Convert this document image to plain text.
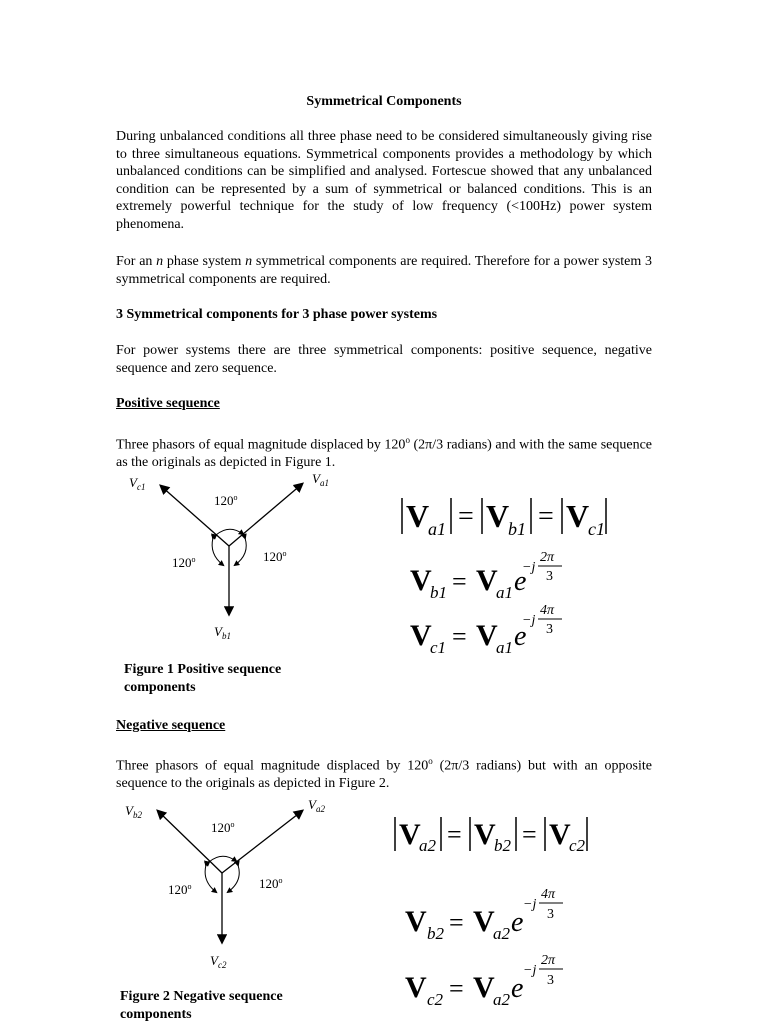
Symmetrical Components
During unbalanced conditions all three phase need to be considered simultaneously giving rise to three simultaneous equations. Symmetrical components provides a methodology by which unbalanced conditions can be simplified and analysed. Fortescue showed that any unbalanced condition can be represented by a sum of symmetrical or balanced conditions. This is an extremely powerful technique for the study of low frequency (<100Hz) power system phenomena.
For an n phase system n symmetrical components are required. Therefore for a power system 3 symmetrical components are required.
3 Symmetrical components for 3 phase power systems
For power systems there are three symmetrical components: positive sequence, negative sequence and zero sequence.
Positive sequence
Three phasors of equal magnitude displaced by 120$^o$ (2π/3 radians) and with the same sequence as the originals as depicted in Figure 1.
120$^o$
120$^o$	120$^o$
$V_{c1}$
$V_{a1}$
$V_{b1}$
Figure 1 Positive sequence components
V
a1 = V
b1 = V
c1
V
b1 = V
a1 e
−j
2π
3
V
c1 = V
a1 e
−j
4π
3
Negative sequence
Three phasors of equal magnitude displaced by 120$^o$ (2π/3 radians) but with an opposite sequence to the originals as depicted in Figure 2.
120$^o$
120$^o$	120$^o$
$V_{b2}$
$V_{a2}$
$V_{c2}$
Figure 2 Negative sequence components
V
a2 = V
b2 = V
c2
V b2 = V
a2 e
−j
4π
3
V c2 = V
a2 e
−j
2π
3
